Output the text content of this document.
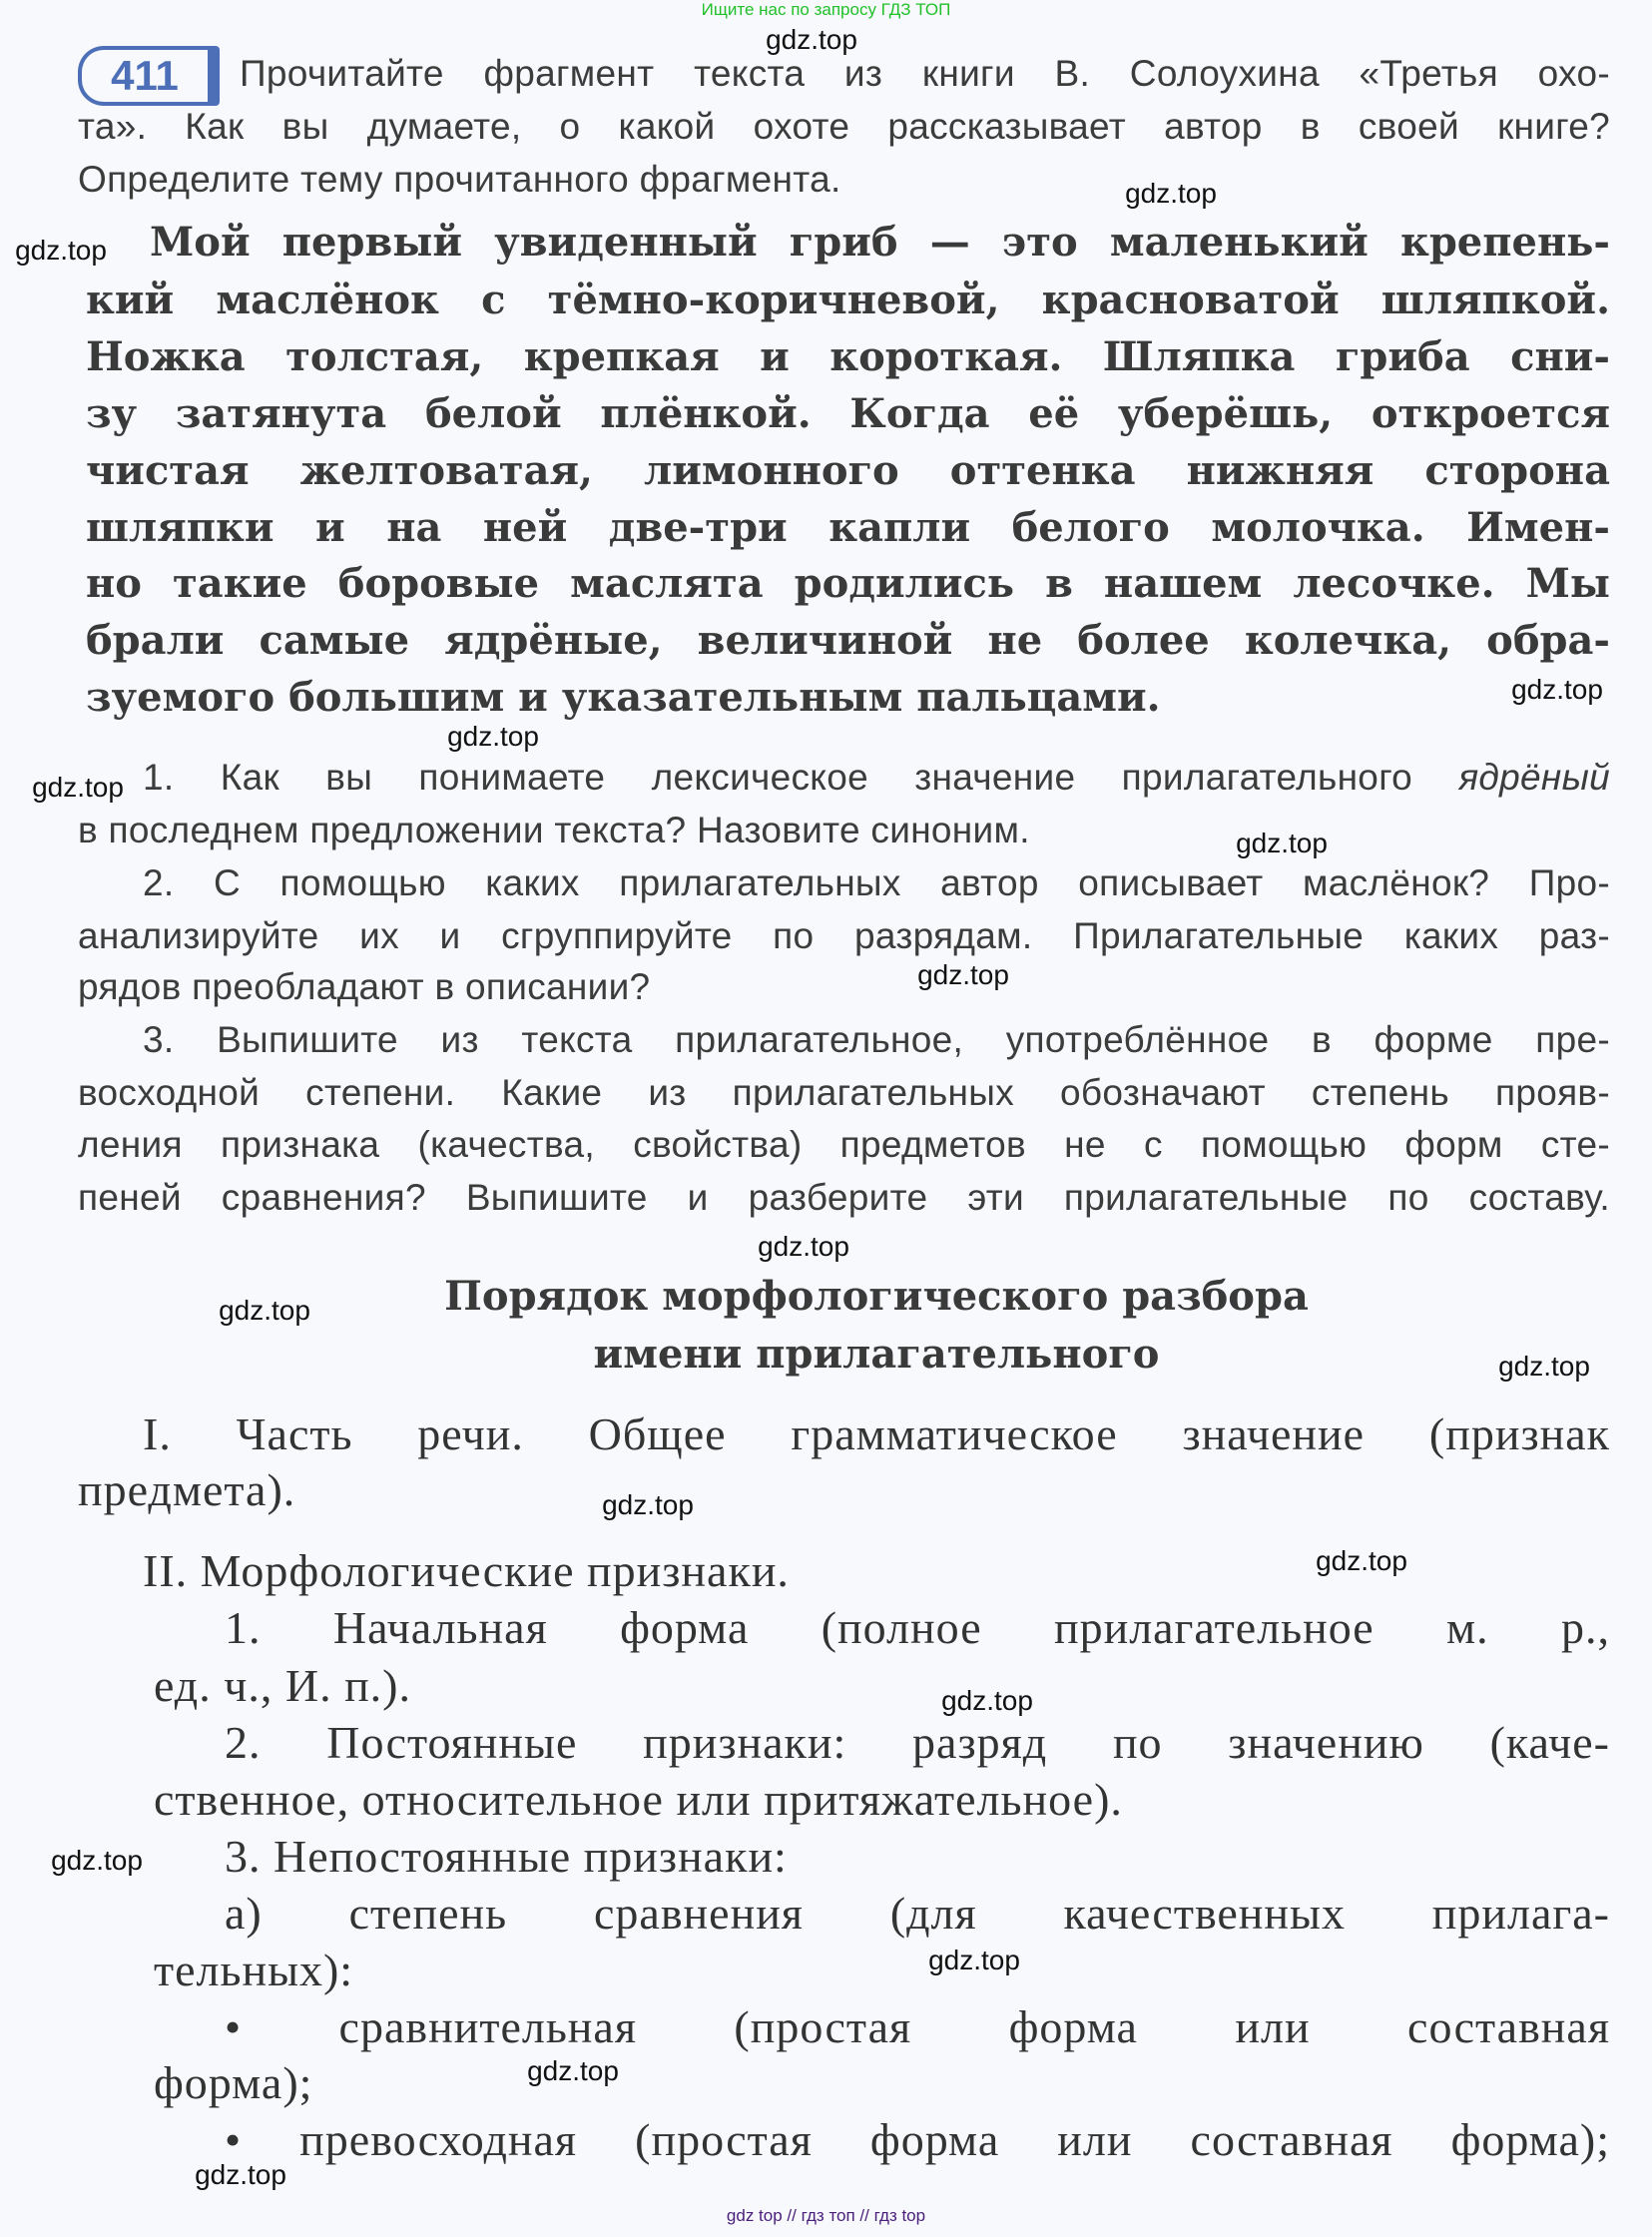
Ищите нас по запросу ГДЗ ТОП
411	Прочитайте фрагмент текста из книги В. Солоухина «Третья охо-
та». Как вы думаете, о какой охоте рассказывает автор в своей книге?
Определите тему прочитанного фрагмента.
Мой первый увиденный гриб — это маленький крепень-
кий маслёнок с тёмно-коричневой, красноватой шляпкой.
Ножка толстая, крепкая и короткая. Шляпка гриба сни-
зу затянута белой плёнкой. Когда её уберёшь, откроется
чистая желтоватая, лимонного оттенка нижняя сторона
шляпки и на ней две-три капли белого молочка. Имен-
но такие боровые маслята родились в нашем лесочке. Мы
брали самые ядрёные, величиной не более колечка, обра-
зуемого большим и указательным пальцами.
1. Как вы понимаете лексическое значение прилагательного ядрёный
в последнем предложении текста? Назовите синоним.
2. С помощью каких прилагательных автор описывает маслёнок? Про-
анализируйте их и сгруппируйте по разрядам. Прилагательные каких раз-
рядов преобладают в описании?
3. Выпишите из текста прилагательное, употреблённое в форме пре-
восходной степени. Какие из прилагательных обозначают степень прояв-
ления признака (качества, свойства) предметов не с помощью форм сте-
пеней сравнения? Выпишите и разберите эти прилагательные по составу.
Порядок морфологического разбора
имени прилагательного
I. Часть речи. Общее грамматическое значение (признак
предмета).
II. Морфологические признаки.
1. Начальная форма (полное прилагательное м. р.,
ед. ч., И. п.).
2. Постоянные признаки: разряд по значению (каче-
ственное, относительное или притяжательное).
3. Непостоянные признаки:
а) степень сравнения (для качественных прилага-
тельных):
• сравнительная (простая форма или составная
форма);
• превосходная (простая форма или составная форма);
gdz.top
gdz.top
gdz.top
gdz.top
gdz.top
gdz.top
gdz.top
gdz.top
gdz.top
gdz.top
gdz.top
gdz.top
gdz.top
gdz.top
gdz.top
gdz.top
gdz.top
gdz.top
gdz top // гдз топ // гдз top
